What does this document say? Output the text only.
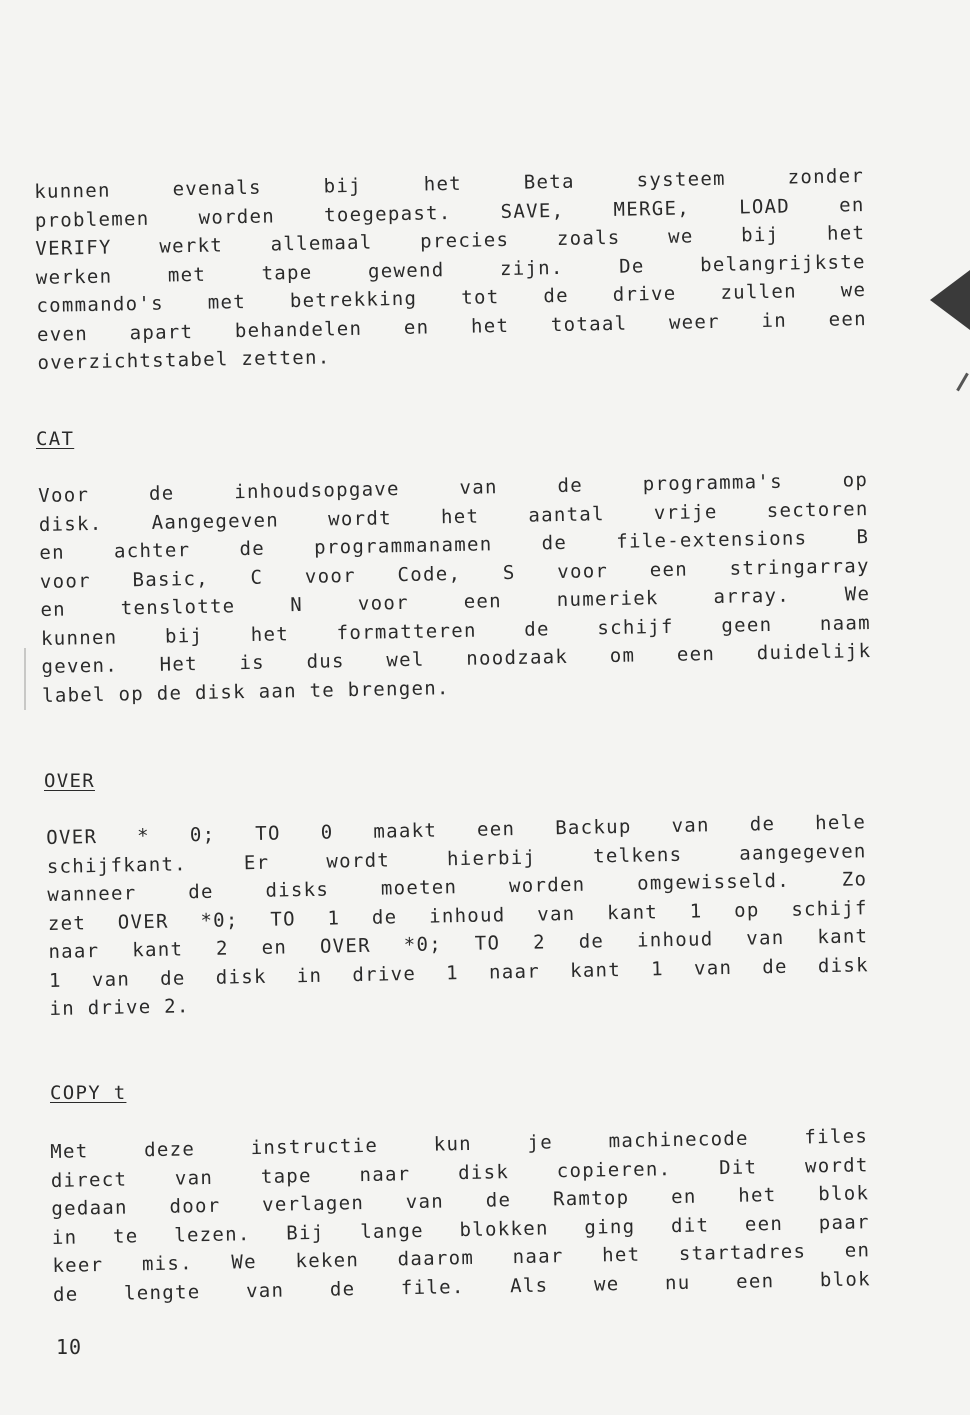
kunnen evenals bij het Beta systeem zonder

problemen worden toegepast. SAVE, MERGE, LOAD en

VERIFY werkt allemaal precies zoals we bij het

werken met tape gewend zijn. De belangrijkste

commando's met betrekking tot de drive zullen we

even apart behandelen en het totaal weer in een

overzichtstabel zetten.

CAT

Voor de inhoudsopgave van de programma's op

disk. Aangegeven wordt het aantal vrije sectoren

en achter de programmanamen de file-extensions B

voor Basic, C voor Code, S voor een stringarray

en tenslotte N voor een numeriek array. We

kunnen bij het formatteren de schijf geen naam

geven. Het is dus wel noodzaak om een duidelijk

label op de disk aan te brengen.

OVER

OVER * 0; TO 0 maakt een Backup van de hele

schijfkant. Er wordt hierbij telkens aangegeven

wanneer de disks moeten worden omgewisseld. Zo

zet OVER *0; TO 1 de inhoud van kant 1 op schijf

naar kant 2 en OVER *0; TO 2 de inhoud van kant

1 van de disk in drive 1 naar kant 1 van de disk

in drive 2.

COPY t

Met deze instructie kun je machinecode files

direct van tape naar disk copieren. Dit wordt

gedaan door verlagen van de Ramtop en het blok

in te lezen. Bij lange blokken ging dit een paar

keer mis. We keken daarom naar het startadres en

de lengte van de file. Als we nu een blok

10
